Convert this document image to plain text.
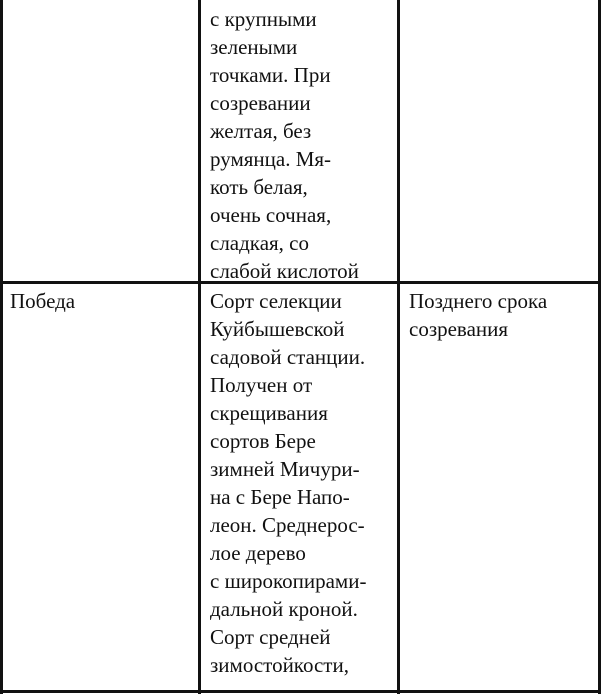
с крупными
зелеными
точками. При
созревании
желтая, без
румянца. Мя-
коть белая,
очень сочная,
сладкая, со
слабой кислотой
Победа	Сорт селекции
Куйбышевской
садовой станции.
Получен от
скрещивания
сортов Бере
зимней Мичури-
на с Бере Напо-
леон. Среднерос-
лое дерево
с широкопирами-
дальной кроной.
Сорт средней
зимостойкости,
Позднего срока
созревания
